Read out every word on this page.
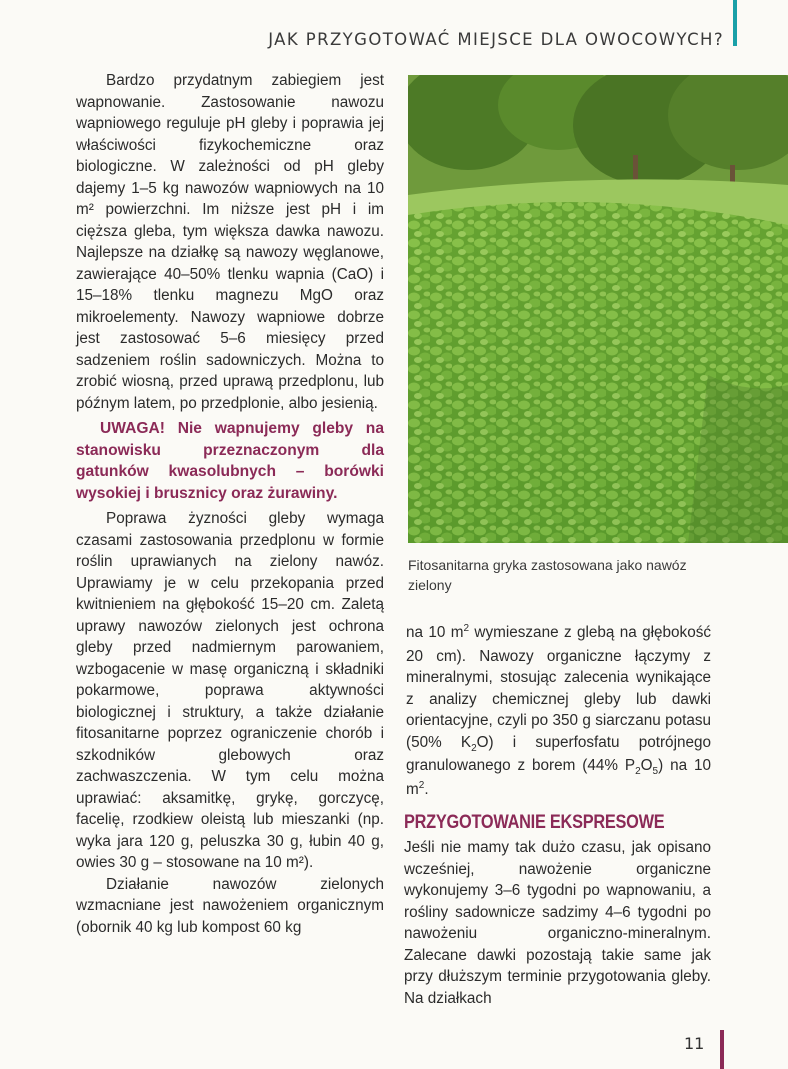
JAK PRZYGOTOWAĆ MIEJSCE DLA OWOCOWYCH?

Bardzo przydatnym zabiegiem jest wapnowanie. Zastosowanie nawozu wapniowego reguluje pH gleby i poprawia jej właściwości fizykochemiczne oraz biologiczne. W zależności od pH gleby dajemy 1–5 kg nawozów wapniowych na 10 m² powierzchni. Im niższe jest pH i im cięższa gleba, tym większa dawka nawozu. Najlepsze na działkę są nawozy węglanowe, zawierające 40–50% tlenku wapnia (CaO) i 15–18% tlenku magnezu MgO oraz mikroelementy. Nawozy wapniowe dobrze jest zastosować 5–6 miesięcy przed sadzeniem roślin sadowniczych. Można to zrobić wiosną, przed uprawą przedplonu, lub późnym latem, po przedplonie, albo jesienią.

UWAGA! Nie wapnujemy gleby na stanowisku przeznaczonym dla gatunków kwasolubnych – borówki wysokiej i brusznicy oraz żurawiny.

Poprawa żyzności gleby wymaga czasami zastosowania przedplonu w formie roślin uprawianych na zielony nawóz. Uprawiamy je w celu przekopania przed kwitnieniem na głębokość 15–20 cm. Zaletą uprawy nawozów zielonych jest ochrona gleby przed nadmiernym parowaniem, wzbogacenie w masę organiczną i składniki pokarmowe, poprawa aktywności biologicznej i struktury, a także działanie fitosanitarne poprzez ograniczenie chorób i szkodników glebowych oraz zachwaszczenia. W tym celu można uprawiać: aksamitkę, grykę, gorczycę, facelię, rzodkiew oleistą lub mieszanki (np. wyka jara 120 g, peluszka 30 g, łubin 40 g, owies 30 g – stosowane na 10 m²).

Działanie nawozów zielonych wzmacniane jest nawożeniem organicznym (obornik 40 kg lub kompost 60 kg

Fitosanitarna gryka zastosowana jako nawóz zielony

na 10 $m^2$ wymieszane z glebą na głębokość 20 cm). Nawozy organiczne łączymy z mineralnymi, stosując zalecenia wynikające z analizy chemicznej gleby lub dawki orientacyjne, czyli po 350 g siarczanu potasu (50% $K_2O$) i superfosfatu potrójnego granulowanego z borem (44% $P_2O_5$) na 10 $m^2$.

PRZYGOTOWANIE EKSPRESOWE

Jeśli nie mamy tak dużo czasu, jak opisano wcześniej, nawożenie organiczne wykonujemy 3–6 tygodni po wapnowaniu, a rośliny sadownicze sadzimy 4–6 tygodni po nawożeniu organiczno-mineralnym. Zalecane dawki pozostają takie same jak przy dłuższym terminie przygotowania gleby. Na działkach

11
